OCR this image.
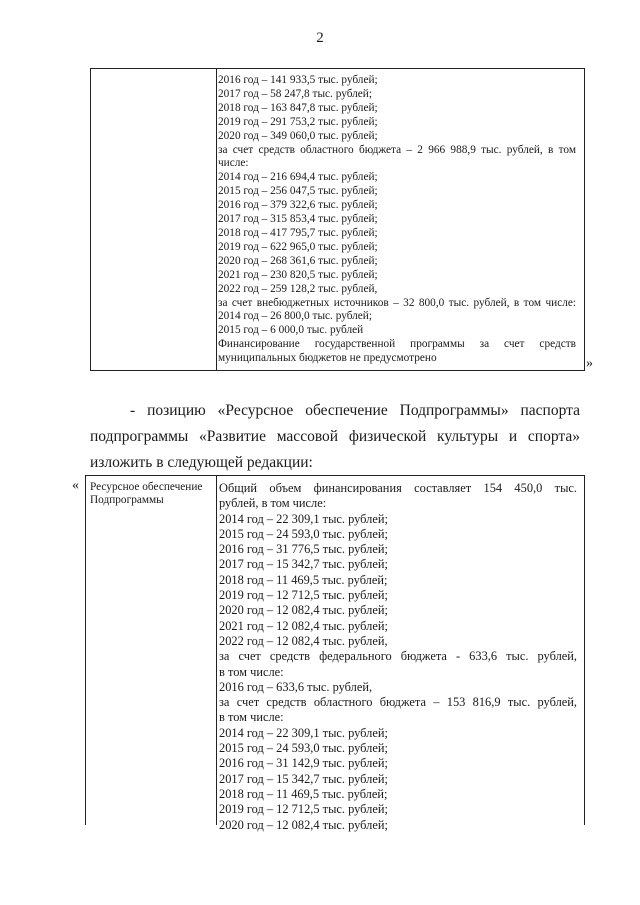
2
2016 год – 141 933,5 тыс. рублей;
2017 год – 58 247,8 тыс. рублей;
2018 год – 163 847,8 тыс. рублей;
2019 год – 291 753,2 тыс. рублей;
2020 год – 349 060,0 тыс. рублей;
за счет средств областного бюджета – 2 966 988,9 тыс. рублей, в том
числе:
2014 год – 216 694,4 тыс. рублей;
2015 год – 256 047,5 тыс. рублей;
2016 год – 379 322,6 тыс. рублей;
2017 год – 315 853,4 тыс. рублей;
2018 год – 417 795,7 тыс. рублей;
2019 год – 622 965,0 тыс. рублей;
2020 год – 268 361,6 тыс. рублей;
2021 год – 230 820,5 тыс. рублей;
2022 год – 259 128,2 тыс. рублей,
за счет внебюджетных источников – 32 800,0 тыс. рублей, в том числе:
2014 год – 26 800,0 тыс. рублей;
2015 год – 6 000,0 тыс. рублей
Финансирование государственной программы за счет средств
муниципальных бюджетов не предусмотрено	»
- позицию «Ресурсное обеспечение Подпрограммы» паспорта
подпрограммы «Развитие массовой физической культуры и спорта»
изложить в следующей редакции:
« Ресурсное обеспечение Подпрограммы
Общий объем финансирования составляет 154 450,0 тыс.
рублей, в том числе:
2014 год – 22 309,1 тыс. рублей;
2015 год – 24 593,0 тыс. рублей;
2016 год – 31 776,5 тыс. рублей;
2017 год – 15 342,7 тыс. рублей;
2018 год – 11 469,5 тыс. рублей;
2019 год – 12 712,5 тыс. рублей;
2020 год – 12 082,4 тыс. рублей;
2021 год – 12 082,4 тыс. рублей;
2022 год – 12 082,4 тыс. рублей,
за счет средств федерального бюджета - 633,6 тыс. рублей,
в том числе:
2016 год – 633,6 тыс. рублей,
за счет средств областного бюджета – 153 816,9 тыс. рублей,
в том числе:
2014 год – 22 309,1 тыс. рублей;
2015 год – 24 593,0 тыс. рублей;
2016 год – 31 142,9 тыс. рублей;
2017 год – 15 342,7 тыс. рублей;
2018 год – 11 469,5 тыс. рублей;
2019 год – 12 712,5 тыс. рублей;
2020 год – 12 082,4 тыс. рублей;
